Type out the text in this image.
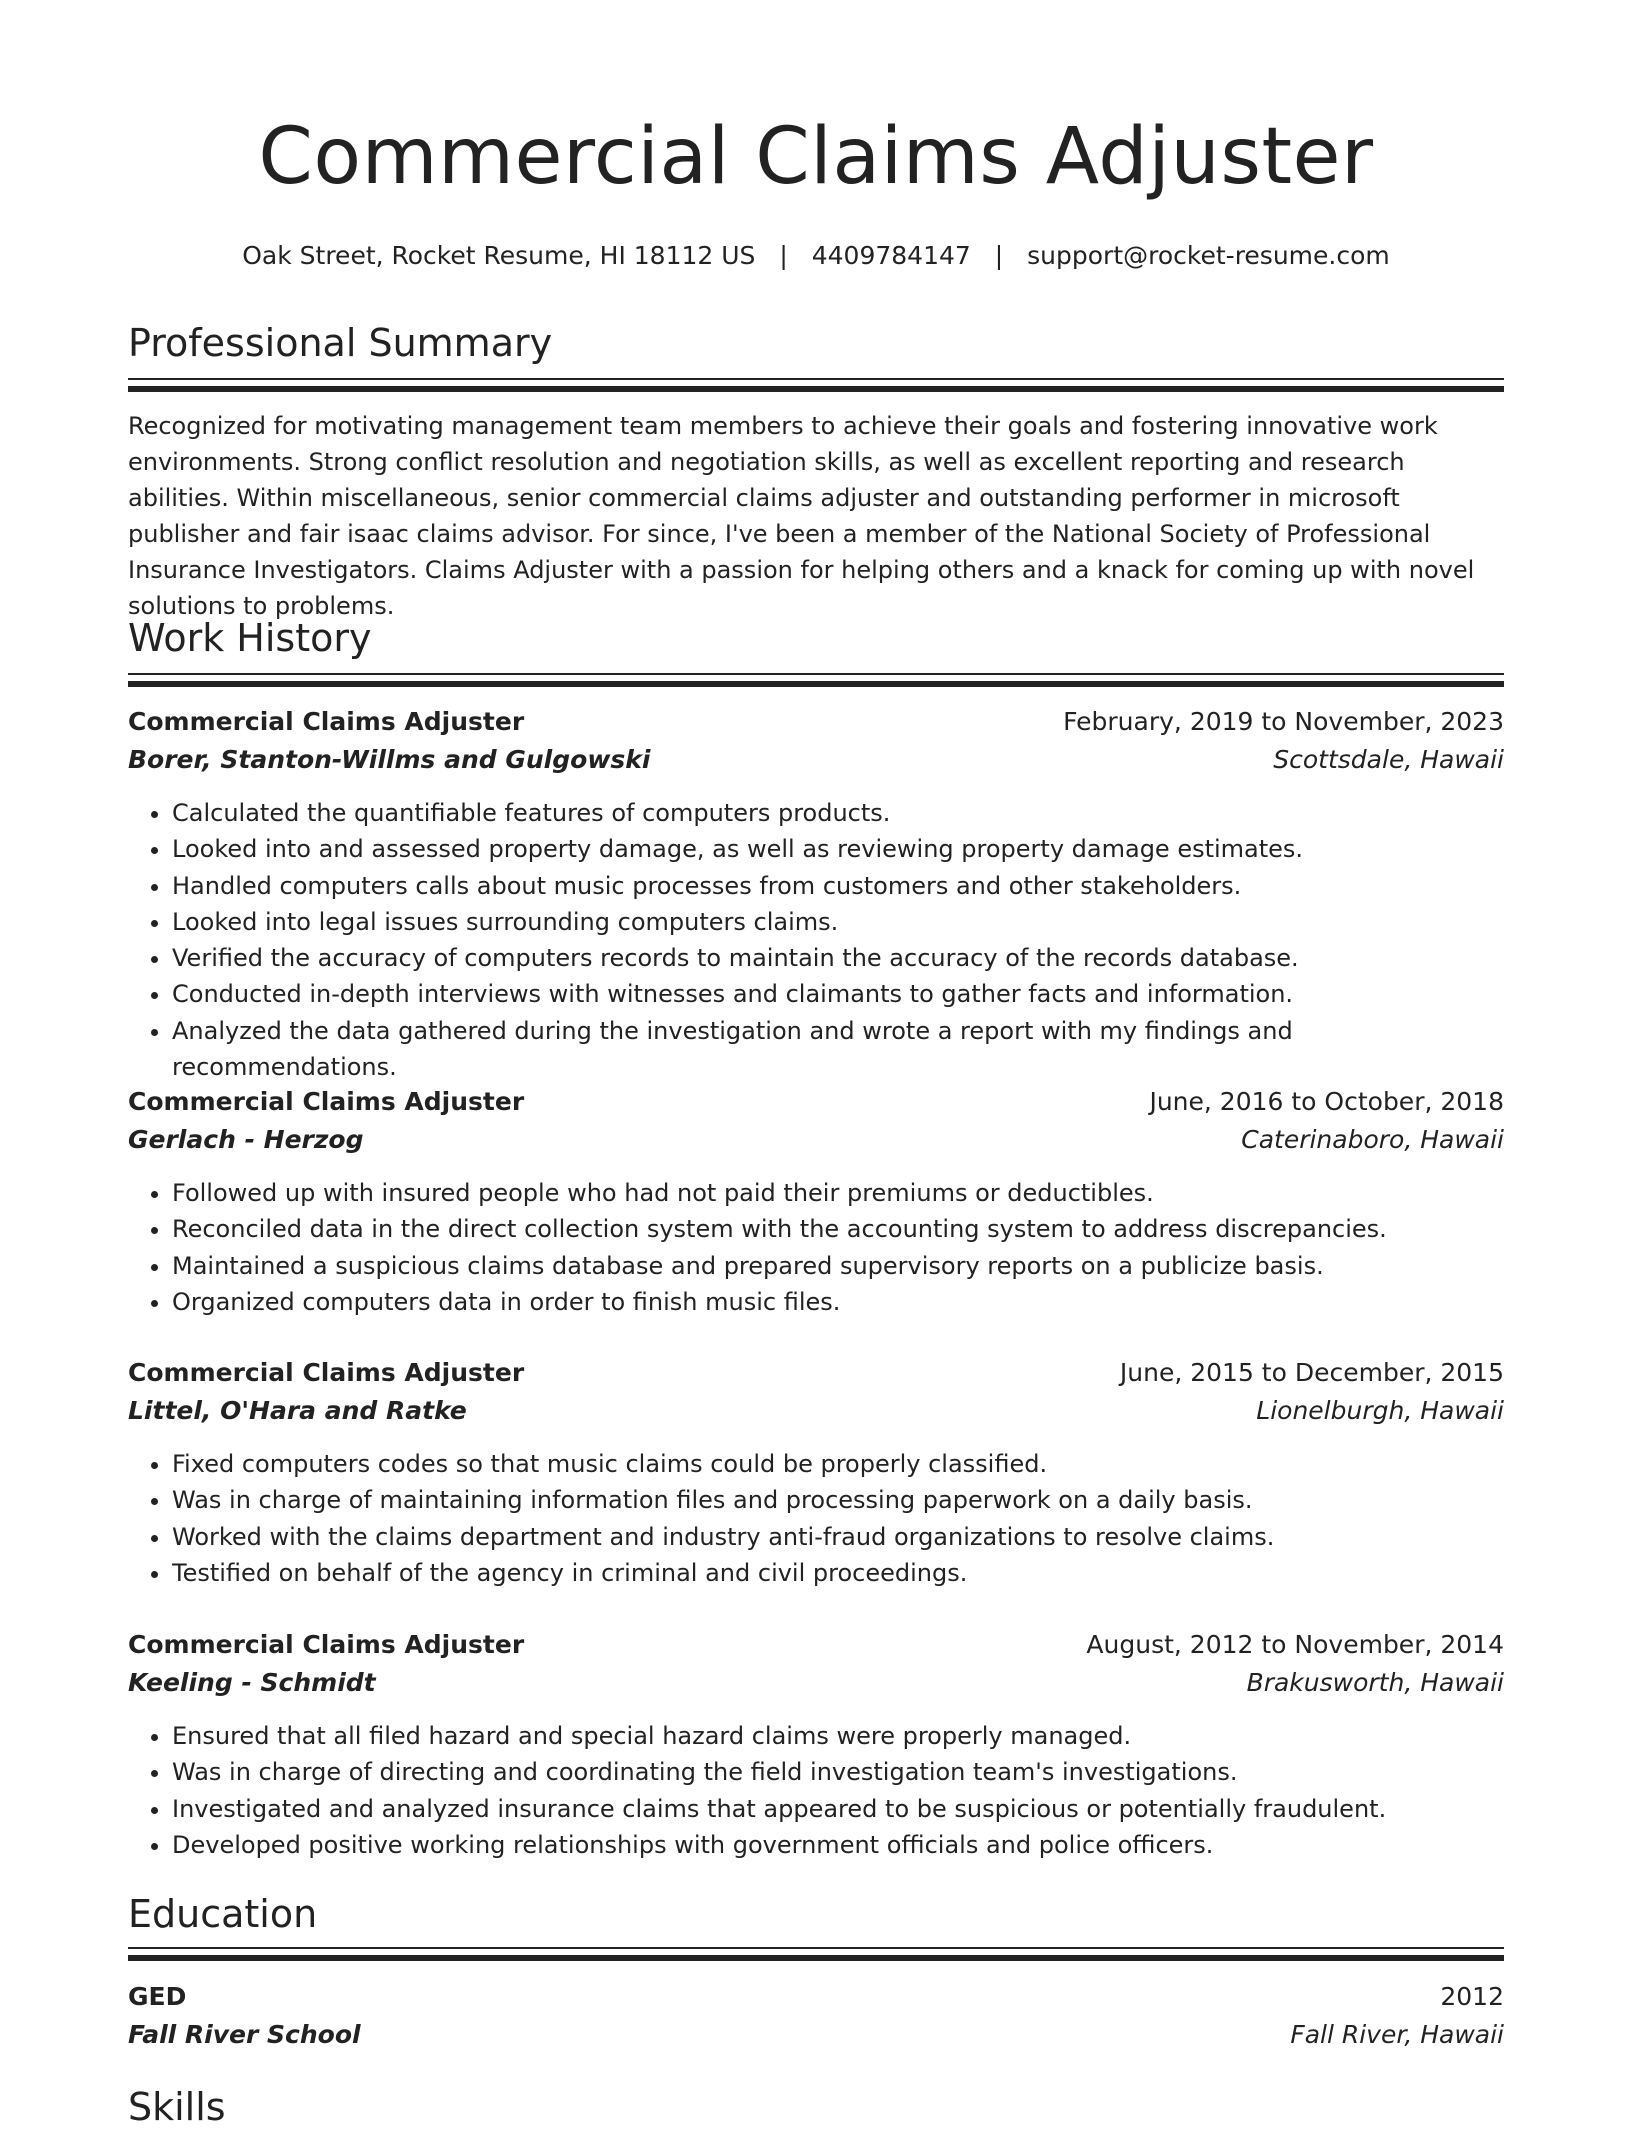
Commercial Claims Adjuster
Oak Street, Rocket Resume, HI 18112 US | 4409784147 | support@rocket-resume.com
Professional Summary

Recognized for motivating management team members to achieve their goals and fostering innovative work environments. Strong conflict resolution and negotiation skills, as well as excellent reporting and research abilities. Within miscellaneous, senior commercial claims adjuster and outstanding performer in microsoft publisher and fair isaac claims advisor. For since, I've been a member of the National Society of Professional Insurance Investigators. Claims Adjuster with a passion for helping others and a knack for coming up with novel solutions to problems.

Work History
Commercial Claims Adjuster	February, 2019 to November, 2023
Borer, Stanton-Willms and Gulgowski	Scottsdale, Hawaii
• Calculated the quantifiable features of computers products.
• Looked into and assessed property damage, as well as reviewing property damage estimates.
• Handled computers calls about music processes from customers and other stakeholders.
• Looked into legal issues surrounding computers claims.
• Verified the accuracy of computers records to maintain the accuracy of the records database.
• Conducted in-depth interviews with witnesses and claimants to gather facts and information.
• Analyzed the data gathered during the investigation and wrote a report with my findings and recommendations.
Commercial Claims Adjuster	June, 2016 to October, 2018
Gerlach - Herzog	Caterinaboro, Hawaii
• Followed up with insured people who had not paid their premiums or deductibles.
• Reconciled data in the direct collection system with the accounting system to address discrepancies.
• Maintained a suspicious claims database and prepared supervisory reports on a publicize basis.
• Organized computers data in order to finish music files.
Commercial Claims Adjuster	June, 2015 to December, 2015
Littel, O'Hara and Ratke	Lionelburgh, Hawaii
• Fixed computers codes so that music claims could be properly classified.
• Was in charge of maintaining information files and processing paperwork on a daily basis.
• Worked with the claims department and industry anti-fraud organizations to resolve claims.
• Testified on behalf of the agency in criminal and civil proceedings.
Commercial Claims Adjuster	August, 2012 to November, 2014
Keeling - Schmidt	Brakusworth, Hawaii
• Ensured that all filed hazard and special hazard claims were properly managed.
• Was in charge of directing and coordinating the field investigation team's investigations.
• Investigated and analyzed insurance claims that appeared to be suspicious or potentially fraudulent.
• Developed positive working relationships with government officials and police officers.
Education
GED	2012
Fall River School	Fall River, Hawaii
Skills
